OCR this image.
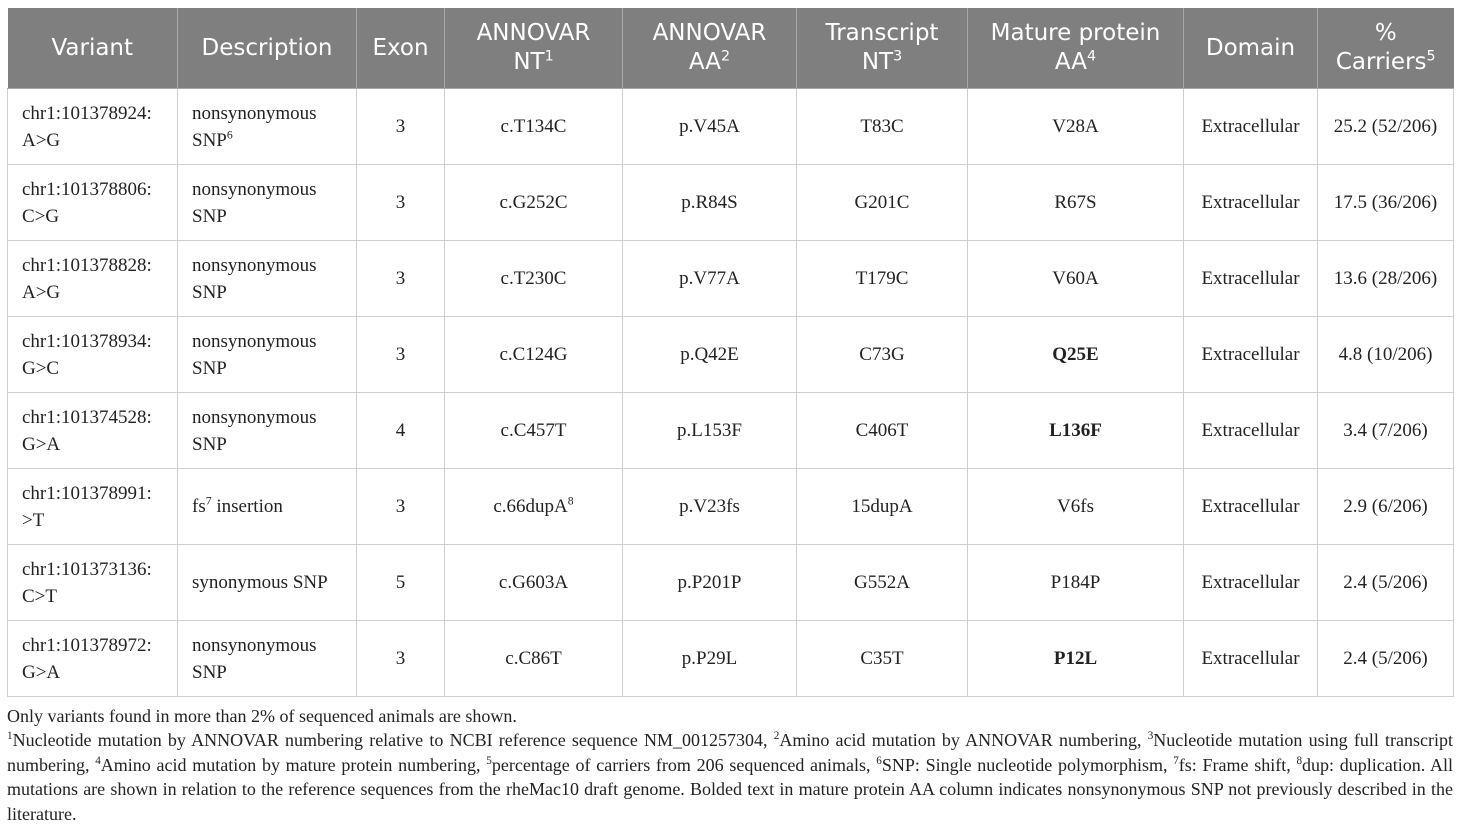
Variant	Description	Exon	ANNOVAR $NT^1$	ANNOVAR $AA^2$	Transcript $NT^3$	Mature protein $AA^4$	Domain	% Carriers$^5$
chr1:101378924: A>G	nonsynonymous SNP$^6$	3	c.T134C	p.V45A	T83C	V28A	Extracellular	25.2 (52/206)
chr1:101378806: C>G	nonsynonymous SNP	3	c.G252C	p.R84S	G201C	R67S	Extracellular	17.5 (36/206)
chr1:101378828: A>G	nonsynonymous SNP	3	c.T230C	p.V77A	T179C	V60A	Extracellular	13.6 (28/206)
chr1:101378934: G>C	nonsynonymous SNP	3	c.C124G	p.Q42E	C73G	Q25E	Extracellular	4.8 (10/206)
chr1:101374528: G>A	nonsynonymous SNP	4	c.C457T	p.L153F	C406T	L136F	Extracellular	3.4 (7/206)
chr1:101378991: >T	$fs^7$ insertion	3	c.66dupA$^8$	p.V23fs	15dupA	V6fs	Extracellular	2.9 (6/206)
chr1:101373136: C>T	synonymous SNP	5	c.G603A	p.P201P	G552A	P184P	Extracellular	2.4 (5/206)
chr1:101378972: G>A	nonsynonymous SNP	3	c.C86T	p.P29L	C35T	P12L	Extracellular	2.4 (5/206)

Only variants found in more than 2% of sequenced animals are shown.

$^1$Nucleotide mutation by ANNOVAR numbering relative to NCBI reference sequence NM_001257304, $^2$Amino acid mutation by ANNOVAR numbering, $^3$Nucleotide mutation using full transcript numbering, $^4$Amino acid mutation by mature protein numbering, $^5$percentage of carriers from 206 sequenced animals, $^6$SNP: Single nucleotide polymorphism, $^7$fs: Frame shift, $^8$dup: duplication. All mutations are shown in relation to the reference sequences from the rheMac10 draft genome. Bolded text in mature protein AA column indicates nonsynonymous SNP not previously described in the literature.
